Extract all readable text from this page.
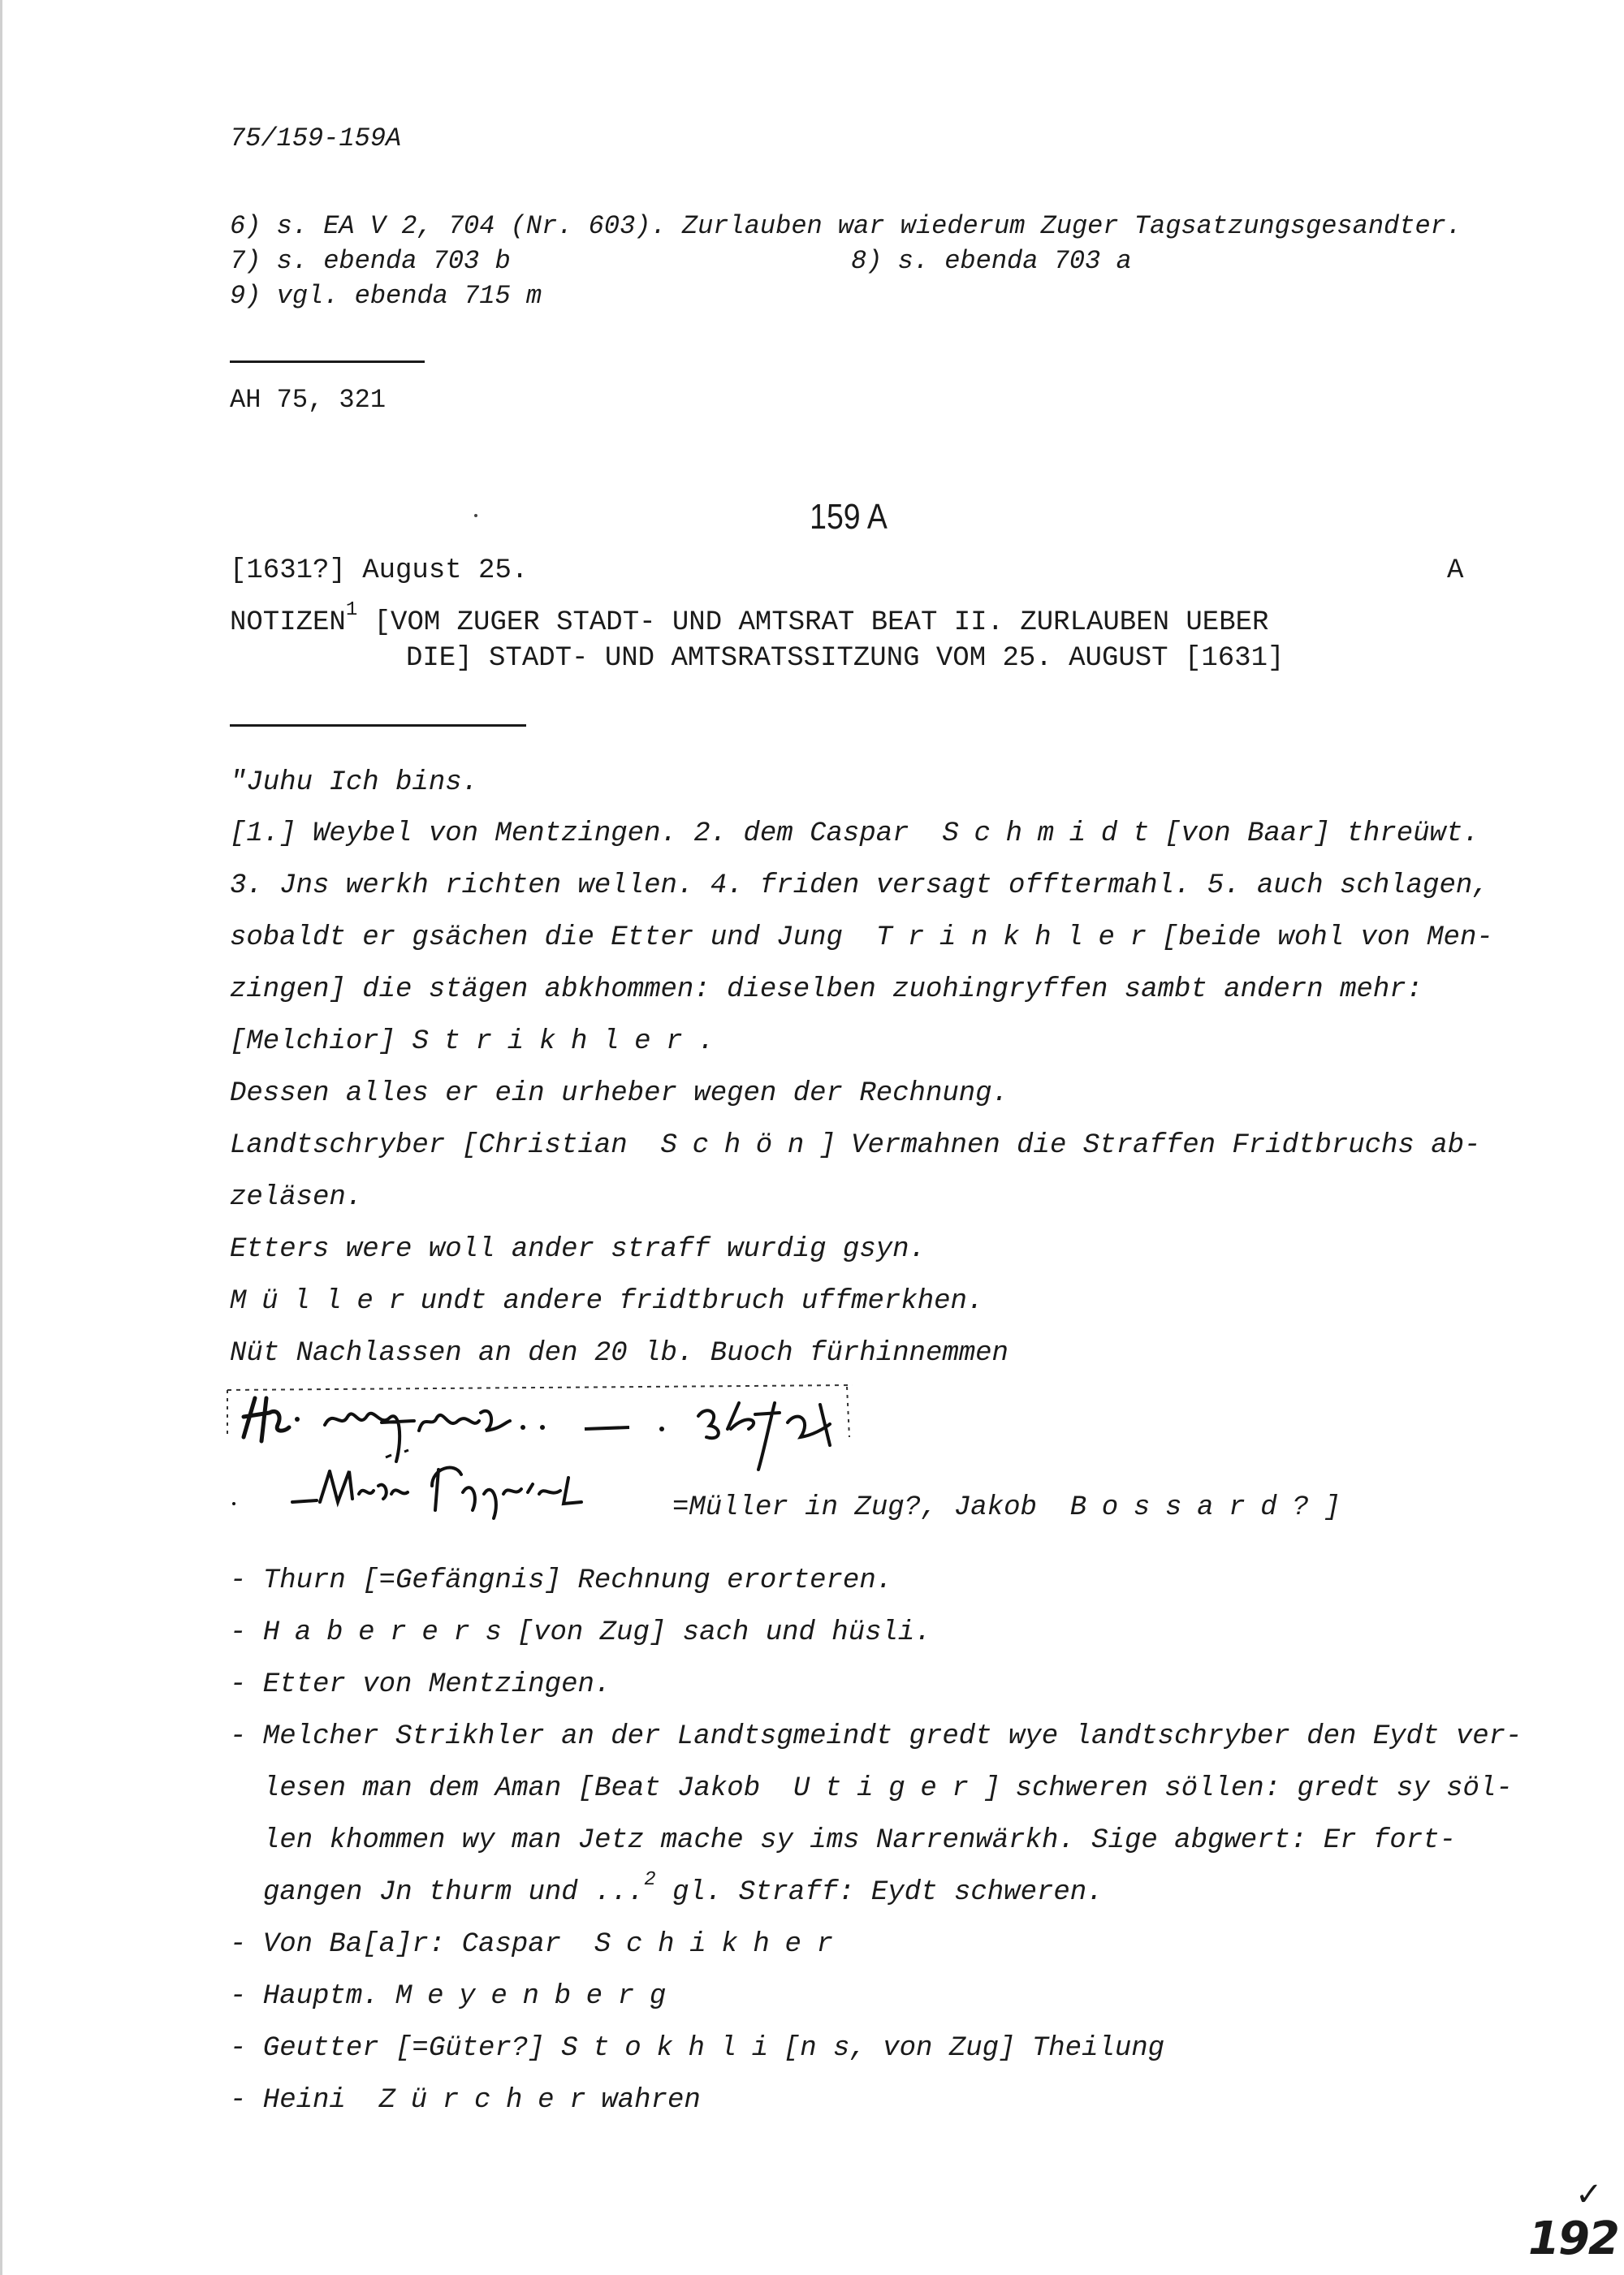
75/159-159A
6) s. EA V 2, 704 (Nr. 603). Zurlauben war wiederum Zuger Tagsatzungsgesandter.
7) s. ebenda 703 b	8) s. ebenda 703 a
9) vgl. ebenda 715 m
AH 75, 321
159 A
[1631?] August 25.	A
NOTIZEN$^1$ [VOM ZUGER STADT- UND AMTSRAT BEAT II. ZURLAUBEN UEBER
DIE] STADT- UND AMTSRATSSITZUNG VOM 25. AUGUST [1631]
"Juhu Ich bins.
[1.] Weybel von Mentzingen. 2. dem Caspar Schmidt[von Baar] threüwt.
3. Jns werkh richten wellen. 4. friden versagt offtermahl. 5. auch schlagen,
sobaldt er gsächen die Etter und Jung Trinkhler[beide wohl von Men-
zingen] die stägen abkhommen: dieselben zuohingryffen sambt andern mehr:
[Melchior] Strikhler.
Dessen alles er ein urheber wegen der Rechnung.
Landtschryber [Christian Schön]Vermahnen die Straffen Fridtbruchs ab-
zeläsen.
Etters were woll ander straff wurdig gsyn.
Müllerundt andere fridtbruch uffmerkhen.
Nüt Nachlassen an den 20 lb. Buoch fürhinnemmen
=Müller in Zug?, Jakob Bossard?]
- Thurn [=Gefängnis] Rechnung erorteren.
- Haberers[von Zug] sach und hüsli.
- Etter von Mentzingen.
- Melcher Strikhler an der Landtsgmeindt gredt wye landtschryber den Eydt ver-
lesen man dem Aman [Beat Jakob Utiger]schweren söllen: gredt sy söl-
len khommen wy man Jetz mache sy ims Narrenwärkh. Sige abgwert: Er fort-
gangen Jn thurm und ...$^2$ gl. Straff: Eydt schweren.
- Von Ba[a]r: Caspar Schikher
- Hauptm. Meyenberg
- Geutter [=Güter?] Stokhli[n s, von Zug] Theilung
- Heini Zürcherwahren
✓
192
